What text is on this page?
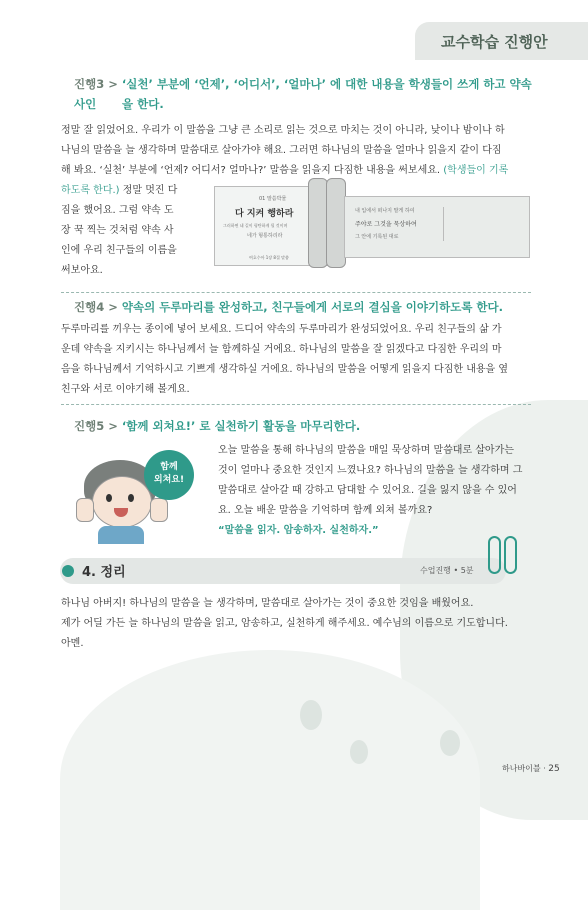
교수학습 진행안
진행3 > ‘실천’ 부분에 ‘언제’, ‘어디서’, ‘얼마나’ 에 대한 내용을 학생들이 쓰게 하고 약속 사인	을 한다.
정말 잘 읽었어요. 우리가 이 말씀을 그냥 큰 소리로 읽는 것으로 마치는 것이 아니라, 낮이나 밤이나 하
나님의 말씀을 늘 생각하며 말씀대로 살아가야 해요. 그러면 하나님의 말씀을 얼마나 읽을지 같이 다짐
해 봐요. ‘실천’ 부분에 ‘언제? 어디서? 얼마나?’ 말씀을 읽을지 다짐한 내용을 써보세요. (학생들이 기록
하도록 한다.) 정말 멋진 다
짐을 했어요. 그럼 약속 도
장 꾹 찍는 것처럼 약속 사
인에 우리 친구들의 이름을
써보아요.
01 말씀박물
다 지켜 행하라
그러하면 네 길이 평탄하게 될 것이며
네가 형통하리라
여호수아 1장 8절 말씀
내 입에서 떠나지 말게 하여
주야로 그것을 묵상하여
그 안에 기록된 대로
진행4 > 약속의 두루마리를 완성하고, 친구들에게 서로의 결심을 이야기하도록 한다.
두루마리를 끼우는 종이에 넣어 보세요. 드디어 약속의 두루마리가 완성되었어요. 우리 친구들의 삶 가
운데 약속을 지키시는 하나님께서 늘 함께하실 거에요. 하나님의 말씀을 잘 읽겠다고 다짐한 우리의 마
음을 하나님께서 기억하시고 기쁘게 생각하실 거에요. 하나님의 말씀을 어떻게 읽을지 다짐한 내용을 옆
친구와 서로 이야기해 볼게요.
진행5 > ‘함께 외쳐요!’ 로 실천하기 활동을 마무리한다.
함께
외쳐요!
오늘 말씀을 통해 하나님의 말씀을 매일 묵상하며 말씀대로 살아가는
것이 얼마나 중요한 것인지 느꼈나요? 하나님의 말씀을 늘 생각하며 그
말씀대로 살아갈 때 강하고 담대할 수 있어요. 길을 잃지 않을 수 있어
요. 오늘 배운 말씀을 기억하며 함께 외쳐 볼까요?
“말씀을 읽자. 암송하자. 실천하자.”
4. 정리	수업진행 • 5분
하나님 아버지! 하나님의 말씀을 늘 생각하며, 말씀대로 살아가는 것이 중요한 것임을 배웠어요.
제가 어딜 가든 늘 하나님의 말씀을 읽고, 암송하고, 실천하게 해주세요. 예수님의 이름으로 기도합니다.
아멘.
하나바이블 · 25
